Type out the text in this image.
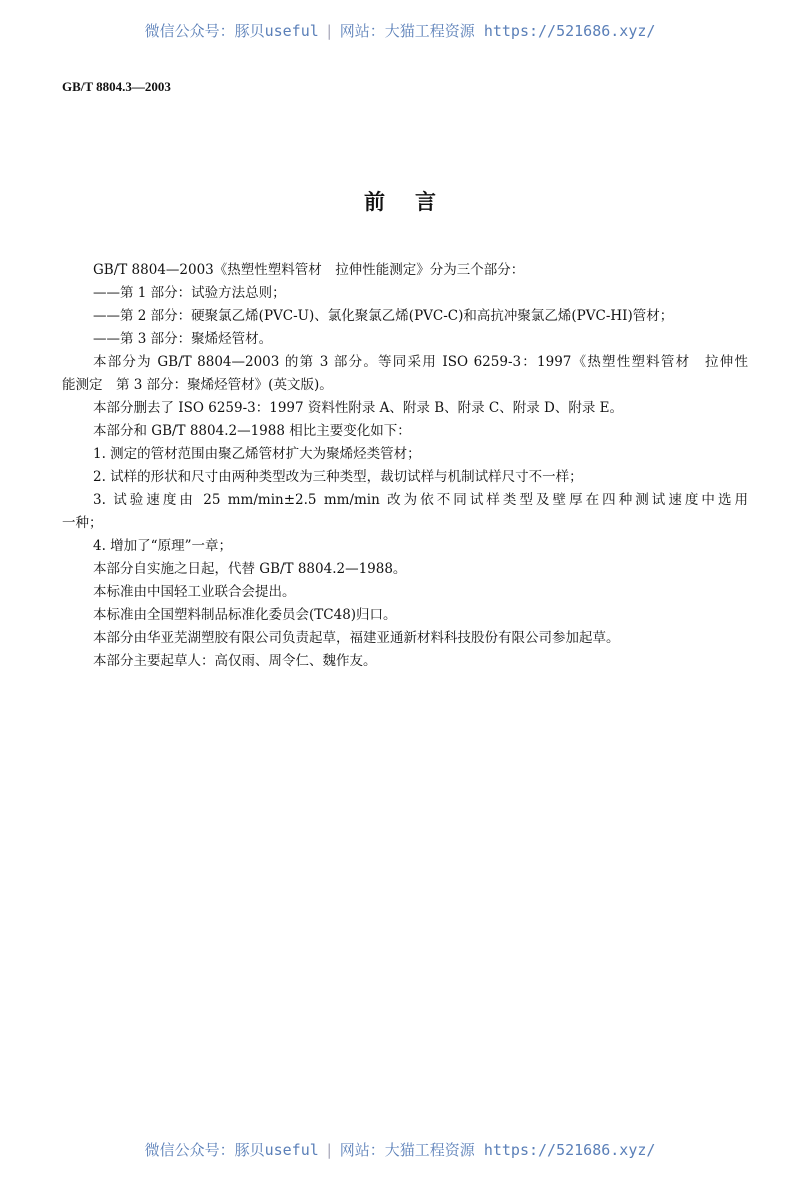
微信公众号：豚贝useful | 网站：大猫工程资源 https://521686.xyz/
GB/T 8804.3—2003
前 言
GB/T 8804—2003《热塑性塑料管材　拉伸性能测定》分为三个部分：
——第 1 部分：试验方法总则；
——第 2 部分：硬聚氯乙烯(PVC-U)、氯化聚氯乙烯(PVC-C)和高抗冲聚氯乙烯(PVC-HI)管材；
——第 3 部分：聚烯烃管材。
本部分为 GB/T 8804—2003 的第 3 部分。等同采用 ISO 6259-3：1997《热塑性塑料管材　拉伸性
能测定　第 3 部分：聚烯烃管材》(英文版)。
本部分删去了 ISO 6259-3：1997 资料性附录 A、附录 B、附录 C、附录 D、附录 E。
本部分和 GB/T 8804.2—1988 相比主要变化如下：
1. 测定的管材范围由聚乙烯管材扩大为聚烯烃类管材；
2. 试样的形状和尺寸由两种类型改为三种类型，裁切试样与机制试样尺寸不一样；
3. 试验速度由 25 mm/min±2.5 mm/min 改为依不同试样类型及壁厚在四种测试速度中选用
一种；
4. 增加了“原理”一章；
本部分自实施之日起，代替 GB/T 8804.2—1988。
本标准由中国轻工业联合会提出。
本标准由全国塑料制品标准化委员会(TC48)归口。
本部分由华亚芜湖塑胶有限公司负责起草，福建亚通新材料科技股份有限公司参加起草。
本部分主要起草人：高仅雨、周令仁、魏作友。
微信公众号：豚贝useful | 网站：大猫工程资源 https://521686.xyz/
